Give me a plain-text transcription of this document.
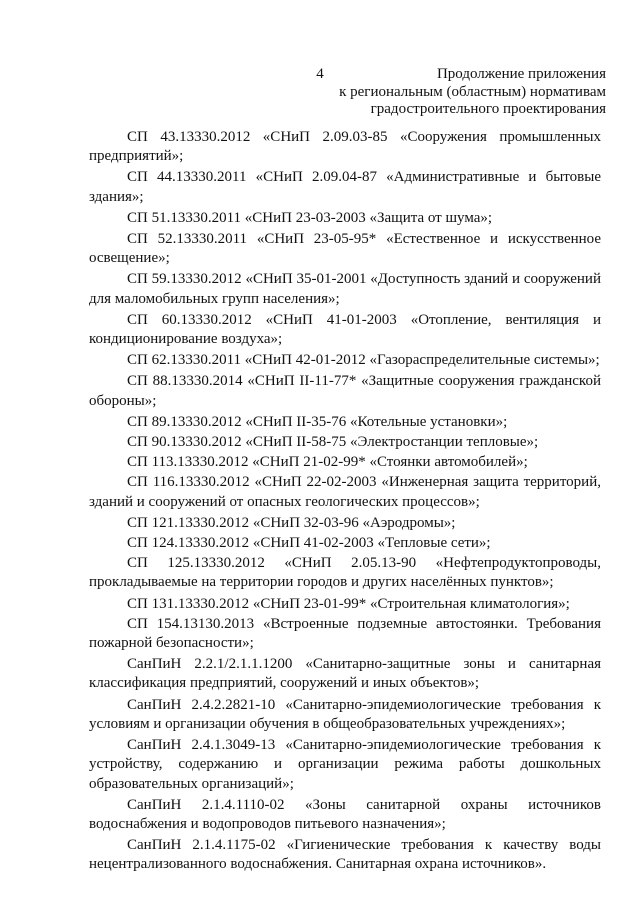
4	Продолжение приложения
к региональным (областным) нормативам
градостроительного проектирования

СП 43.13330.2012 «СНиП 2.09.03-85 «Сооружения промышленных предприятий»;

СП 44.13330.2011 «СНиП 2.09.04-87 «Административные и бытовые здания»;

СП 51.13330.2011 «СНиП 23-03-2003 «Защита от шума»;

СП 52.13330.2011 «СНиП 23-05-95* «Естественное и искусственное освещение»;

СП 59.13330.2012 «СНиП 35-01-2001 «Доступность зданий и сооружений для маломобильных групп населения»;

СП 60.13330.2012 «СНиП 41-01-2003 «Отопление, вентиляция и кондиционирование воздуха»;

СП 62.13330.2011 «СНиП 42-01-2012 «Газораспределительные системы»;

СП 88.13330.2014 «СНиП II-11-77* «Защитные сооружения гражданской обороны»;

СП 89.13330.2012 «СНиП II-35-76 «Котельные установки»;

СП 90.13330.2012 «СНиП II-58-75 «Электростанции тепловые»;

СП 113.13330.2012 «СНиП 21-02-99* «Стоянки автомобилей»;

СП 116.13330.2012 «СНиП 22-02-2003 «Инженерная защита территорий, зданий и сооружений от опасных геологических процессов»;

СП 121.13330.2012 «СНиП 32-03-96 «Аэродромы»;

СП 124.13330.2012 «СНиП 41-02-2003 «Тепловые сети»;

СП 125.13330.2012 «СНиП 2.05.13-90 «Нефтепродуктопроводы, прокладываемые на территории городов и других населённых пунктов»;

СП 131.13330.2012 «СНиП 23-01-99* «Строительная климатология»;

СП 154.13130.2013 «Встроенные подземные автостоянки. Требования пожарной безопасности»;

СанПиН 2.2.1/2.1.1.1200 «Санитарно-защитные зоны и санитарная классификация предприятий, сооружений и иных объектов»;

СанПиН 2.4.2.2821-10 «Санитарно-эпидемиологические требования к условиям и организации обучения в общеобразовательных учреждениях»;

СанПиН 2.4.1.3049-13 «Санитарно-эпидемиологические требования к устройству, содержанию и организации режима работы дошкольных образовательных организаций»;

СанПиН 2.1.4.1110-02 «Зоны санитарной охраны источников водоснабжения и водопроводов питьевого назначения»;

СанПиН 2.1.4.1175-02 «Гигиенические требования к качеству воды нецентрализованного водоснабжения. Санитарная охрана источников».
